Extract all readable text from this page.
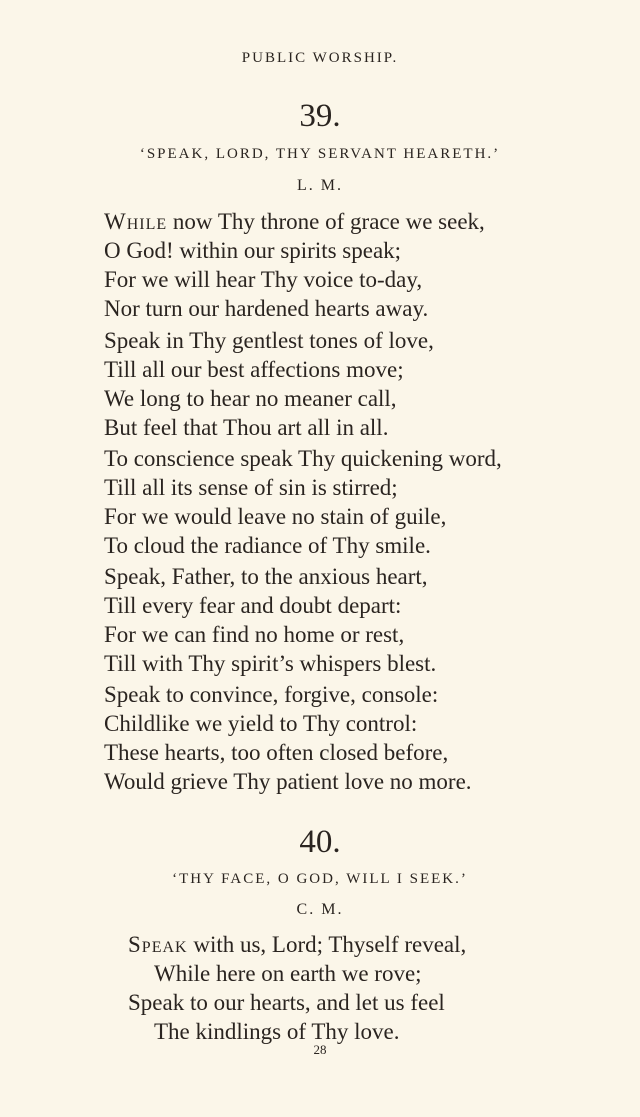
PUBLIC WORSHIP.
39.
‘SPEAK, LORD, THY SERVANT HEARETH.’
L. M.
While now Thy throne of grace we seek,
O God! within our spirits speak;
For we will hear Thy voice to-day,
Nor turn our hardened hearts away.
Speak in Thy gentlest tones of love,
Till all our best affections move;
We long to hear no meaner call,
But feel that Thou art all in all.
To conscience speak Thy quickening word,
Till all its sense of sin is stirred;
For we would leave no stain of guile,
To cloud the radiance of Thy smile.
Speak, Father, to the anxious heart,
Till every fear and doubt depart:
For we can find no home or rest,
Till with Thy spirit’s whispers blest.
Speak to convince, forgive, console:
Childlike we yield to Thy control:
These hearts, too often closed before,
Would grieve Thy patient love no more.
40.
‘THY FACE, O GOD, WILL I SEEK.’
C. M.
Speak with us, Lord; Thyself reveal,
While here on earth we rove;
Speak to our hearts, and let us feel
The kindlings of Thy love.
28
